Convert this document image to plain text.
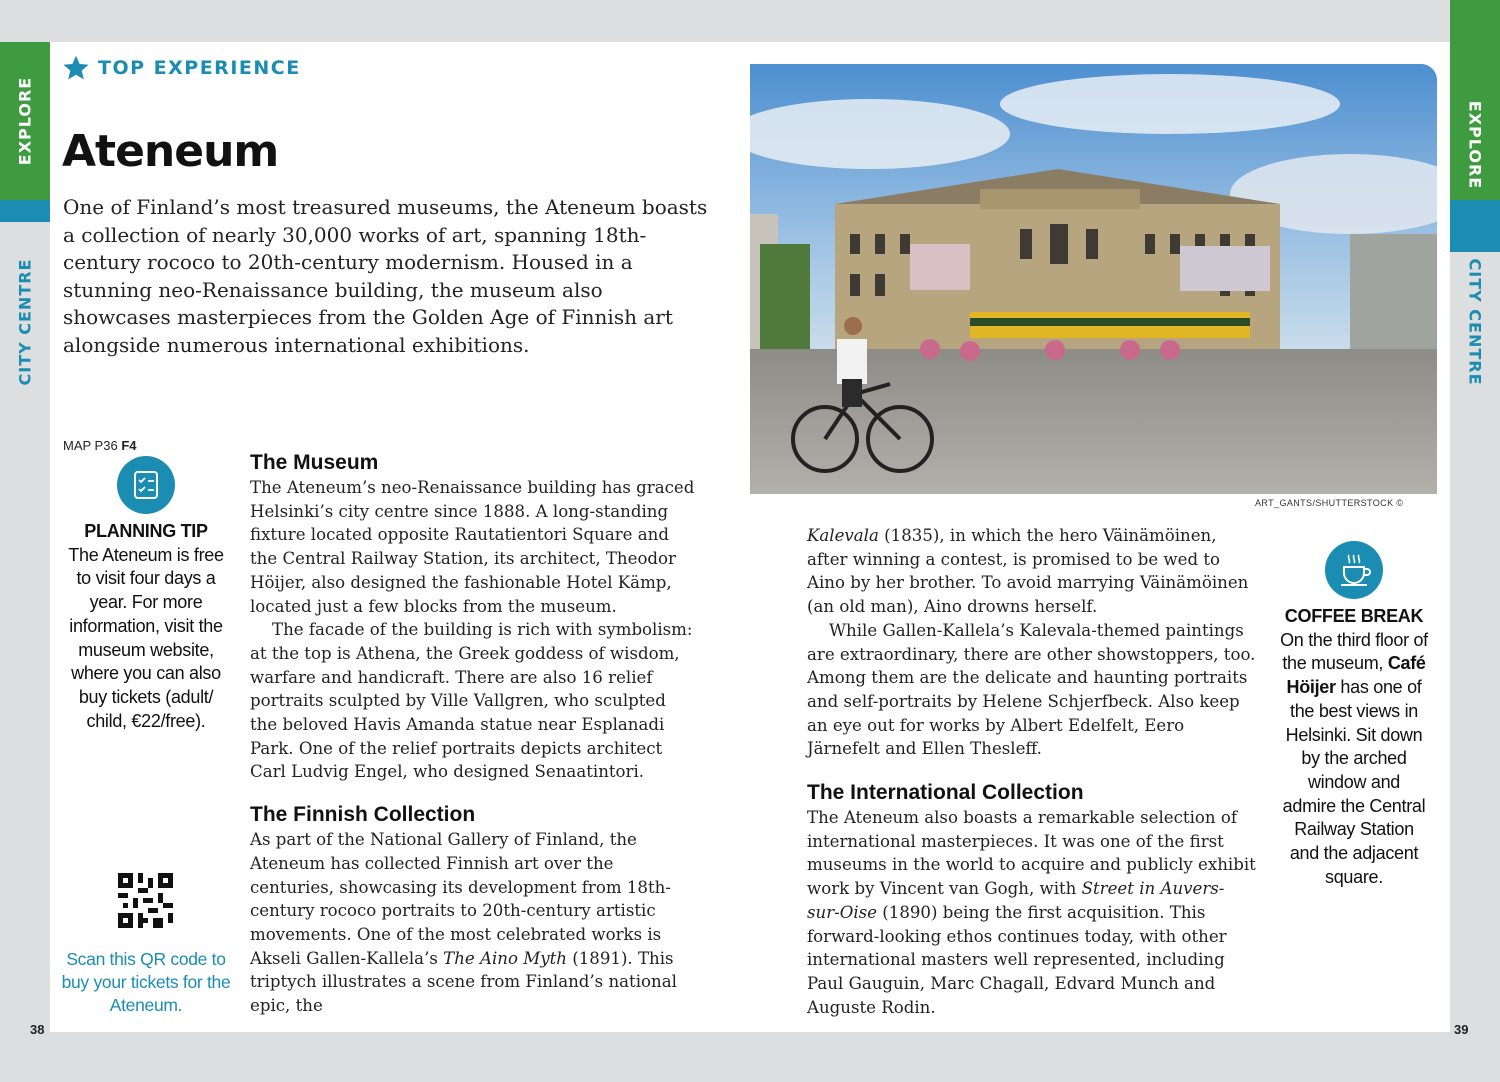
EXPLORE
CITY CENTRE
EXPLORE
CITY CENTRE
38	39
TOP EXPERIENCE
Ateneum
One of Finland’s most treasured museums, the Ateneum boasts a collection of nearly 30,000 works of art, spanning 18th-century rococo to 20th-century modernism. Housed in a stunning neo-Renaissance building, the museum also showcases masterpieces from the Golden Age of Finnish art alongside numerous international exhibitions.
ART_GANTS/SHUTTERSTOCK ©
MAP P36 F4
PLANNING TIP
The Ateneum is free to visit four days a year. For more information, visit the museum website, where you can also buy tickets (adult/ child, €22/free).
Scan this QR code to buy your tickets for the Ateneum.
The Museum

The Ateneum’s neo-Renaissance building has graced Helsinki’s city centre since 1888. A long-standing fixture located opposite Rautatientori Square and the Central Railway Station, its architect, Theodor Höijer, also designed the fashionable Hotel Kämp, located just a few blocks from the museum.

The facade of the building is rich with symbolism: at the top is Athena, the Greek goddess of wisdom, warfare and handicraft. There are also 16 relief portraits sculpted by Ville Vallgren, who sculpted the beloved Havis Amanda statue near Esplanadi Park. One of the relief portraits depicts architect Carl Ludvig Engel, who designed Senaatintori.

The Finnish Collection

As part of the National Gallery of Finland, the Ateneum has collected Finnish art over the centuries, showcasing its development from 18th-century rococo portraits to 20th-century artistic movements. One of the most celebrated works is Akseli Gallen-Kallela’s The Aino Myth (1891). This triptych illustrates a scene from Finland’s national epic, the

Kalevala (1835), in which the hero Väinämöinen, after winning a contest, is promised to be wed to Aino by her brother. To avoid marrying Väinämöinen (an old man), Aino drowns herself.

While Gallen-Kallela’s Kalevala-themed paintings are extraordinary, there are other showstoppers, too. Among them are the delicate and haunting portraits and self-portraits by Helene Schjerfbeck. Also keep an eye out for works by Albert Edelfelt, Eero Järnefelt and Ellen Thesleff.

The International Collection

The Ateneum also boasts a remarkable selection of international masterpieces. It was one of the first museums in the world to acquire and publicly exhibit work by Vincent van Gogh, with Street in Auvers-sur-Oise (1890) being the first acquisition. This forward-looking ethos continues today, with other international masters well represented, including Paul Gauguin, Marc Chagall, Edvard Munch and Auguste Rodin.

COFFEE BREAK
On the third floor of the museum, Café Höijer has one of the best views in Helsinki. Sit down by the arched window and admire the Central Railway Station and the adjacent square.
